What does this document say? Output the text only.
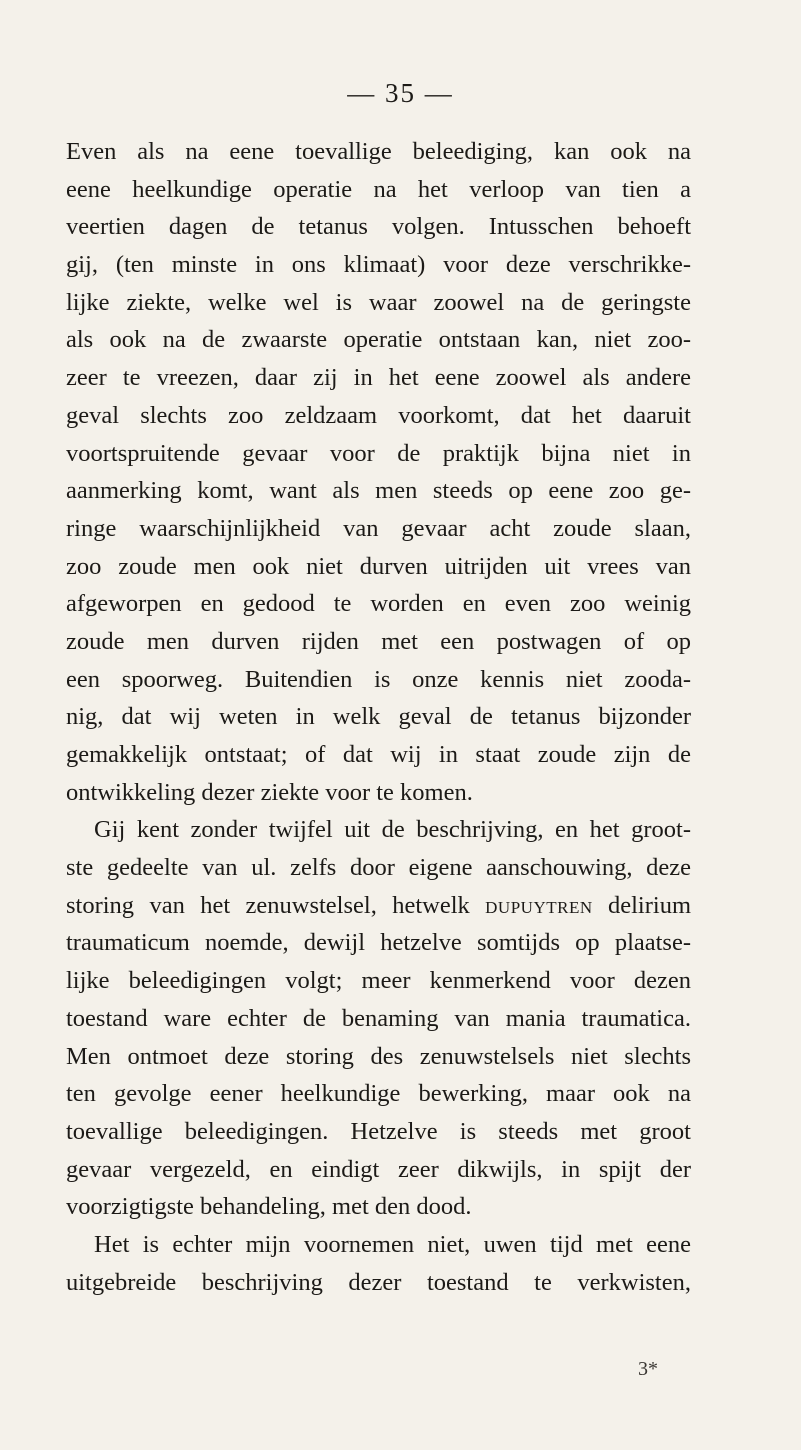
— 35 —
Even als na eene toevallige beleediging, kan ook na
eene heelkundige operatie na het verloop van tien a
veertien dagen de tetanus volgen. Intusschen behoeft
gij, (ten minste in ons klimaat) voor deze verschrikke-
lijke ziekte, welke wel is waar zoowel na de geringste
als ook na de zwaarste operatie ontstaan kan, niet zoo-
zeer te vreezen, daar zij in het eene zoowel als andere
geval slechts zoo zeldzaam voorkomt, dat het daaruit
voortspruitende gevaar voor de praktijk bijna niet in
aanmerking komt, want als men steeds op eene zoo ge-
ringe waarschijnlijkheid van gevaar acht zoude slaan,
zoo zoude men ook niet durven uitrijden uit vrees van
afgeworpen en gedood te worden en even zoo weinig
zoude men durven rijden met een postwagen of op
een spoorweg. Buitendien is onze kennis niet zooda-
nig, dat wij weten in welk geval de tetanus bijzonder
gemakkelijk ontstaat; of dat wij in staat zoude zijn de
ontwikkeling dezer ziekte voor te komen.
Gij kent zonder twijfel uit de beschrijving, en het groot-
ste gedeelte van ul. zelfs door eigene aanschouwing, deze
storing van het zenuwstelsel, hetwelk dupuytren delirium
traumaticum noemde, dewijl hetzelve somtijds op plaatse-
lijke beleedigingen volgt; meer kenmerkend voor dezen
toestand ware echter de benaming van mania traumatica.
Men ontmoet deze storing des zenuwstelsels niet slechts
ten gevolge eener heelkundige bewerking, maar ook na
toevallige beleedigingen. Hetzelve is steeds met groot
gevaar vergezeld, en eindigt zeer dikwijls, in spijt der
voorzigtigste behandeling, met den dood.
Het is echter mijn voornemen niet, uwen tijd met eene
uitgebreide beschrijving dezer toestand te verkwisten,
3*
